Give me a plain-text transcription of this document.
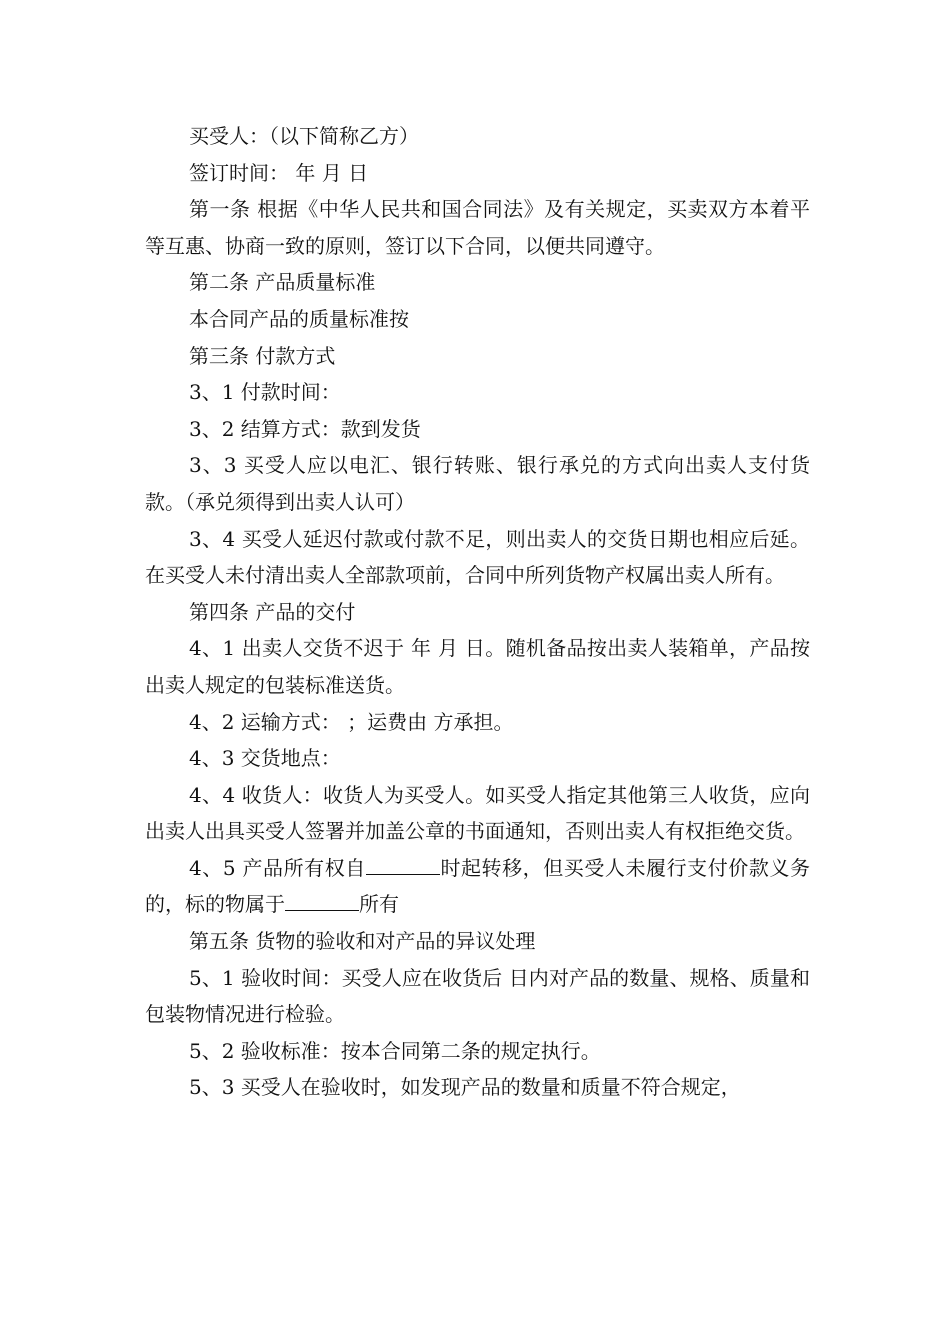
买受人：（以下简称乙方）

签订时间： 年 月 日

第一条 根据《中华人民共和国合同法》及有关规定，买卖双方本着平等互惠、协商一致的原则，签订以下合同，以便共同遵守。

第二条 产品质量标准

本合同产品的质量标准按

第三条 付款方式

3、1 付款时间：

3、2 结算方式：款到发货

3、3 买受人应以电汇、银行转账、银行承兑的方式向出卖人支付货款。（承兑须得到出卖人认可）

3、4 买受人延迟付款或付款不足，则出卖人的交货日期也相应后延。在买受人未付清出卖人全部款项前，合同中所列货物产权属出卖人所有。

第四条 产品的交付

4、1 出卖人交货不迟于 年 月 日。随机备品按出卖人装箱单，产品按出卖人规定的包装标准送货。

4、2 运输方式： ；运费由 方承担。

4、3 交货地点：

4、4 收货人：收货人为买受人。如买受人指定其他第三人收货，应向出卖人出具买受人签署并加盖公章的书面通知，否则出卖人有权拒绝交货。

4、5 产品所有权自	时起转移，但买受人未履行支付价款义务的，标的物属于	所有

第五条 货物的验收和对产品的异议处理

5、1 验收时间：买受人应在收货后 日内对产品的数量、规格、质量和包装物情况进行检验。

5、2 验收标准：按本合同第二条的规定执行。

5、3 买受人在验收时，如发现产品的数量和质量不符合规定，
